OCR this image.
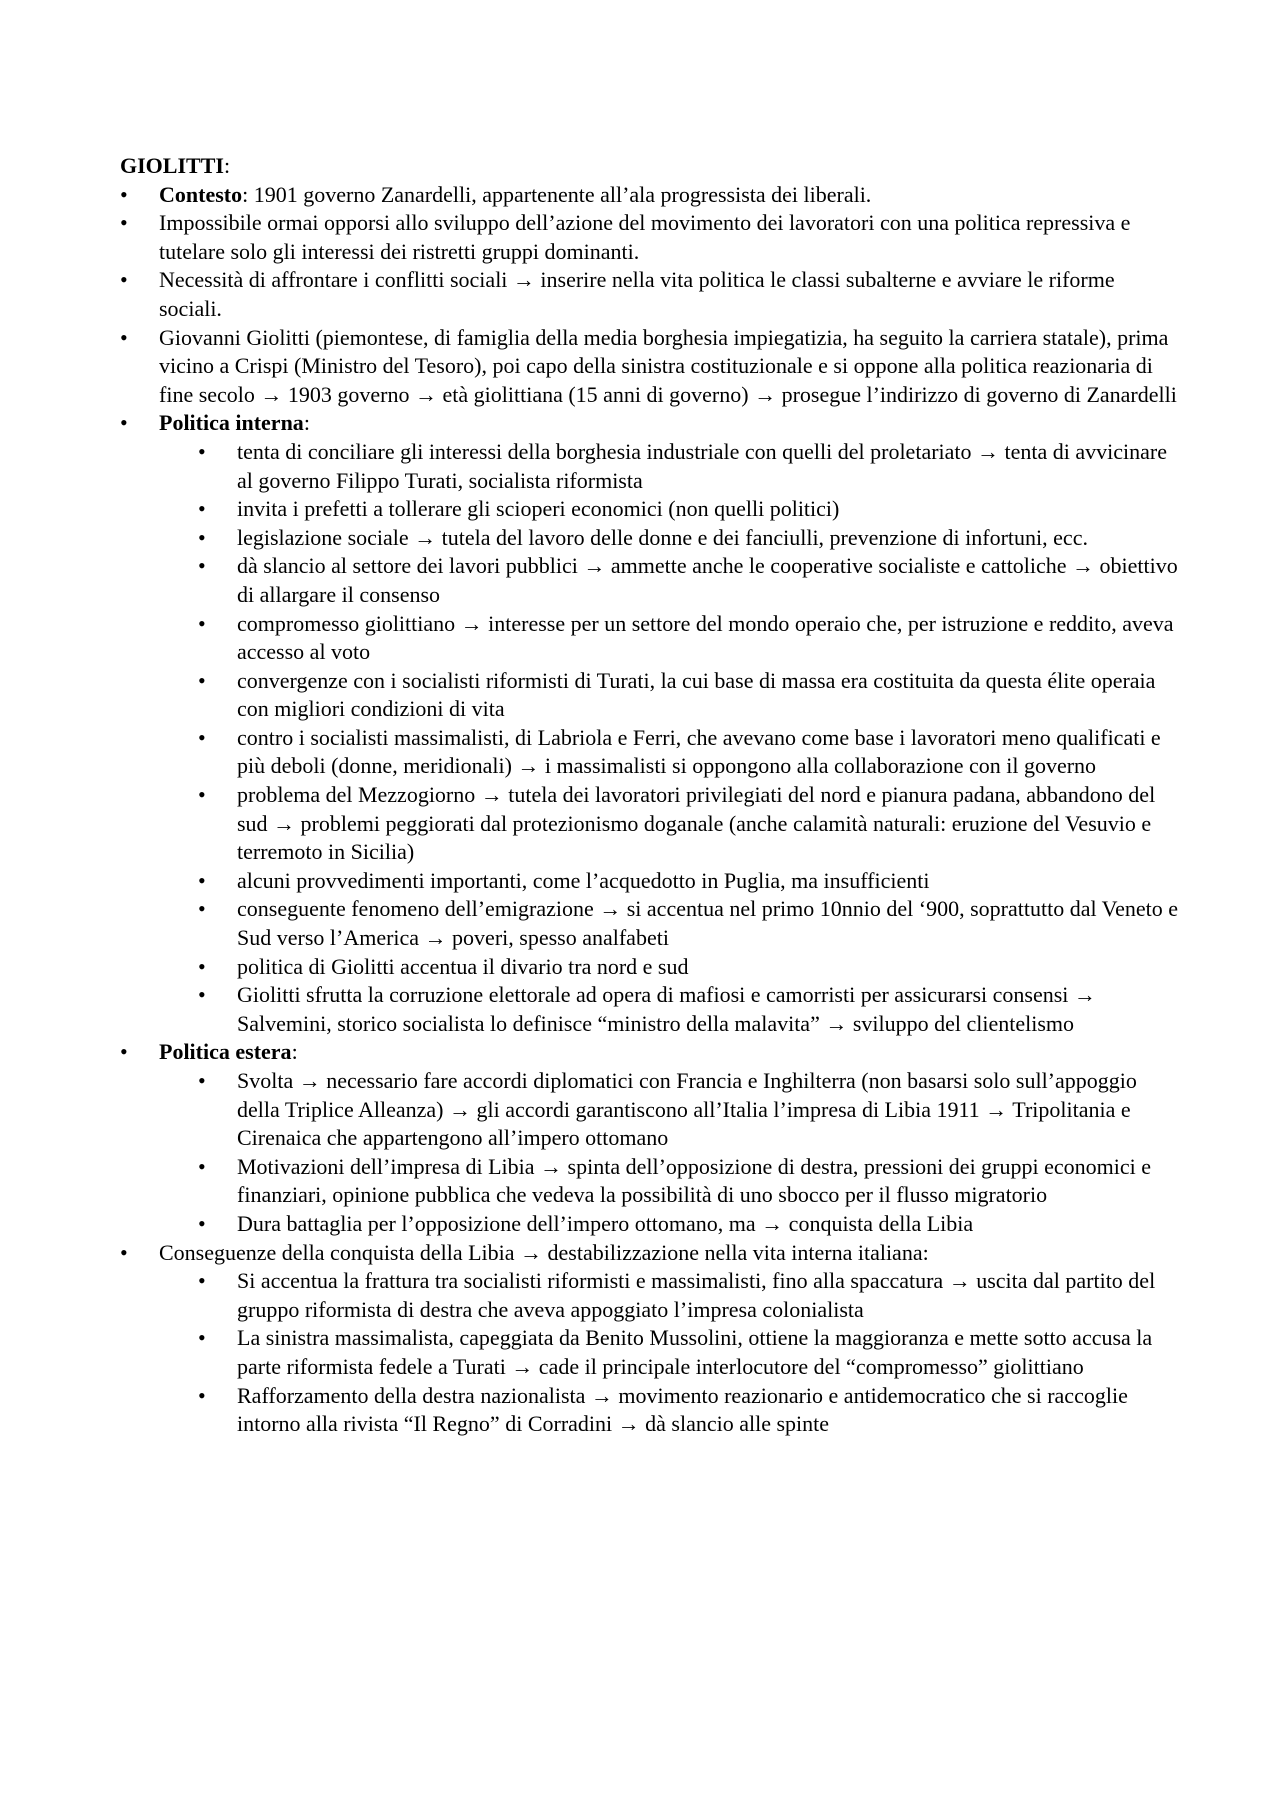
GIOLITTI:

• Contesto: 1901 governo Zanardelli, appartenente all’ala progressista dei liberali.
• Impossibile ormai opporsi allo sviluppo dell’azione del movimento dei lavoratori con una politica repressiva e tutelare solo gli interessi dei ristretti gruppi dominanti.
• Necessità di affrontare i conflitti sociali → inserire nella vita politica le classi subalterne e avviare le riforme sociali.
• Giovanni Giolitti (piemontese, di famiglia della media borghesia impiegatizia, ha seguito la carriera statale), prima vicino a Crispi (Ministro del Tesoro), poi capo della sinistra costituzionale e si oppone alla politica reazionaria di fine secolo → 1903 governo → età giolittiana (15 anni di governo) → prosegue l’indirizzo di governo di Zanardelli
• Politica interna:
• tenta di conciliare gli interessi della borghesia industriale con quelli del proletariato → tenta di avvicinare al governo Filippo Turati, socialista riformista
• invita i prefetti a tollerare gli scioperi economici (non quelli politici)
• legislazione sociale → tutela del lavoro delle donne e dei fanciulli, prevenzione di infortuni, ecc.
• dà slancio al settore dei lavori pubblici → ammette anche le cooperative socialiste e cattoliche → obiettivo di allargare il consenso
• compromesso giolittiano → interesse per un settore del mondo operaio che, per istruzione e reddito, aveva accesso al voto
• convergenze con i socialisti riformisti di Turati, la cui base di massa era costituita da questa élite operaia con migliori condizioni di vita
• contro i socialisti massimalisti, di Labriola e Ferri, che avevano come base i lavoratori meno qualificati e più deboli (donne, meridionali) → i massimalisti si oppongono alla collaborazione con il governo
• problema del Mezzogiorno → tutela dei lavoratori privilegiati del nord e pianura padana, abbandono del sud → problemi peggiorati dal protezionismo doganale (anche calamità naturali: eruzione del Vesuvio e terremoto in Sicilia)
• alcuni provvedimenti importanti, come l’acquedotto in Puglia, ma insufficienti
• conseguente fenomeno dell’emigrazione → si accentua nel primo 10nnio del ‘900, soprattutto dal Veneto e Sud verso l’America → poveri, spesso analfabeti
• politica di Giolitti accentua il divario tra nord e sud
• Giolitti sfrutta la corruzione elettorale ad opera di mafiosi e camorristi per assicurarsi consensi → Salvemini, storico socialista lo definisce “ministro della malavita” → sviluppo del clientelismo
• Politica estera:
• Svolta → necessario fare accordi diplomatici con Francia e Inghilterra (non basarsi solo sull’appoggio della Triplice Alleanza) → gli accordi garantiscono all’Italia l’impresa di Libia 1911 → Tripolitania e Cirenaica che appartengono all’impero ottomano
• Motivazioni dell’impresa di Libia → spinta dell’opposizione di destra, pressioni dei gruppi economici e finanziari, opinione pubblica che vedeva la possibilità di uno sbocco per il flusso migratorio
• Dura battaglia per l’opposizione dell’impero ottomano, ma → conquista della Libia
• Conseguenze della conquista della Libia → destabilizzazione nella vita interna italiana:
• Si accentua la frattura tra socialisti riformisti e massimalisti, fino alla spaccatura → uscita dal partito del gruppo riformista di destra che aveva appoggiato l’impresa colonialista
• La sinistra massimalista, capeggiata da Benito Mussolini, ottiene la maggioranza e mette sotto accusa la parte riformista fedele a Turati → cade il principale interlocutore del “compromesso” giolittiano
• Rafforzamento della destra nazionalista → movimento reazionario e antidemocratico che si raccoglie intorno alla rivista “Il Regno” di Corradini → dà slancio alle spinte
